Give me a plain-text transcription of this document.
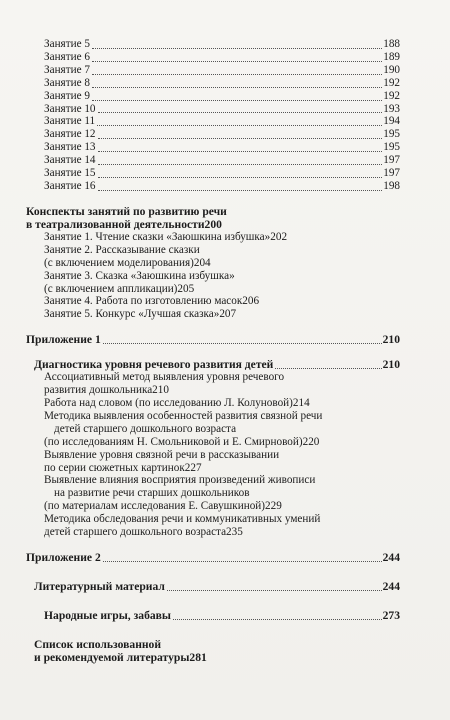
Занятие 5	188
Занятие 6	189
Занятие 7	190
Занятие 8	192
Занятие 9	192
Занятие 10	193
Занятие 11	194
Занятие 12	195
Занятие 13	195
Занятие 14	197
Занятие 15	197
Занятие 16	198
Конспекты занятий по развитию речи
в театрализованной деятельности 200
Занятие 1. Чтение сказки «Заюшкина избушка» 202
Занятие 2. Рассказывание сказки
(с включением моделирования) 204
Занятие 3. Сказка «Заюшкина избушка»
(с включением аппликации) 205
Занятие 4. Работа по изготовлению масок 206
Занятие 5. Конкурс «Лучшая сказка» 207
Приложение 1	210
Диагностика уровня речевого развития детей	210
Ассоциативный метод выявления уровня речевого
развития дошкольника 210
Работа над словом (по исследованию Л. Колуновой) 214
Методика выявления особенностей развития связной речи
детей старшего дошкольного возраста
(по исследованиям Н. Смольниковой и Е. Смирновой) 220
Выявление уровня связной речи в рассказывании
по серии сюжетных картинок 227
Выявление влияния восприятия произведений живописи
на развитие речи старших дошкольников
(по материалам исследования Е. Савушкиной) 229
Методика обследования речи и коммуникативных умений
детей старшего дошкольного возраста 235
Приложение 2	244
Литературный материал	244
Народные игры, забавы	273
Список использованной
и рекомендуемой литературы 281
